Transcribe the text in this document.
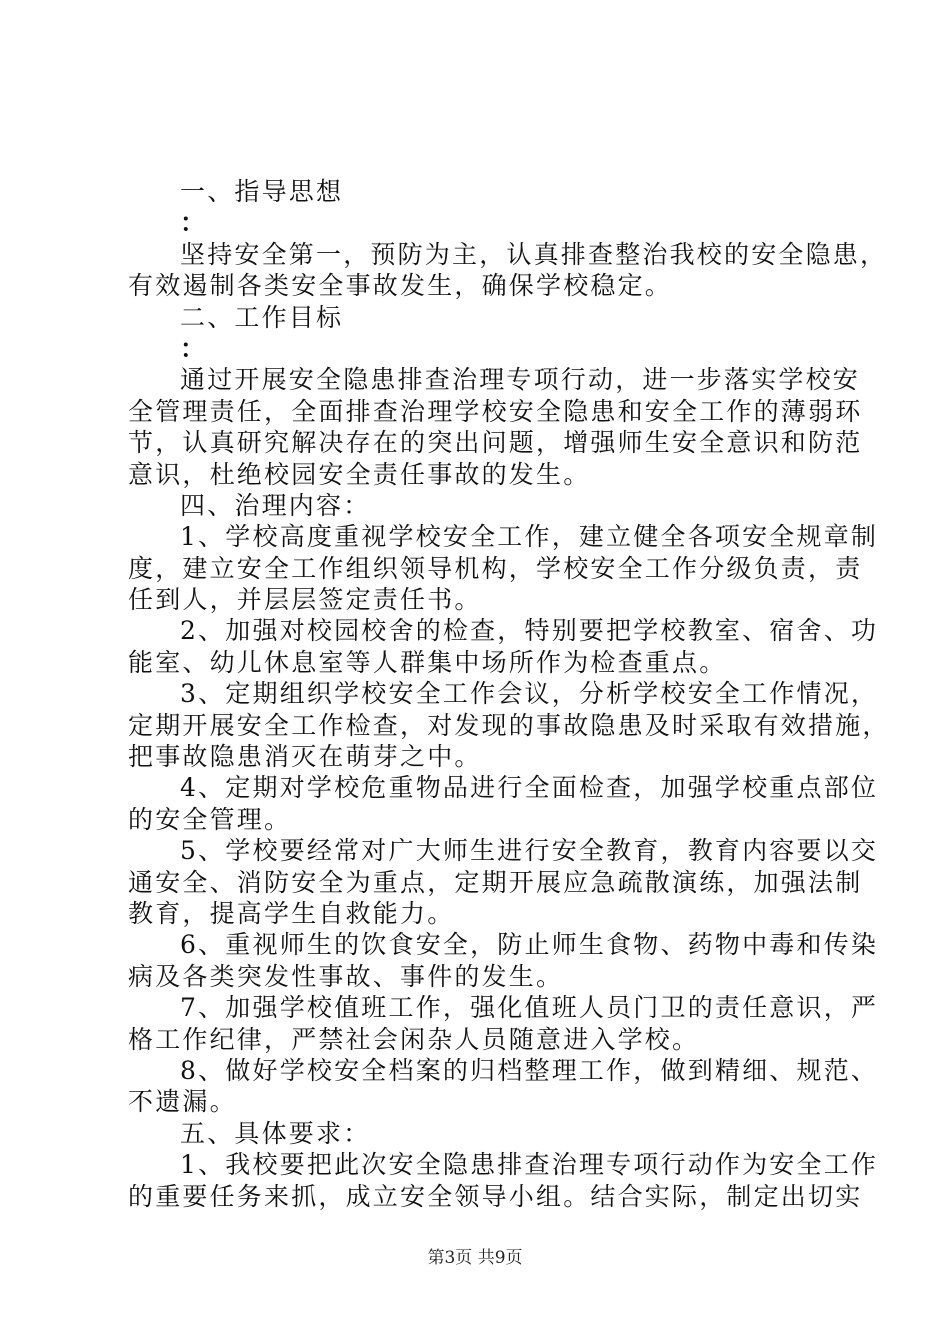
一、指导思想
：
坚持安全第一，预防为主，认真排查整治我校的安全隐患，
有效遏制各类安全事故发生，确保学校稳定。
二、工作目标
：
通过开展安全隐患排查治理专项行动，进一步落实学校安
全管理责任，全面排查治理学校安全隐患和安全工作的薄弱环
节，认真研究解决存在的突出问题，增强师生安全意识和防范
意识，杜绝校园安全责任事故的发生。
四、治理内容：
1、学校高度重视学校安全工作，建立健全各项安全规章制
度，建立安全工作组织领导机构，学校安全工作分级负责，责
任到人，并层层签定责任书。
2、加强对校园校舍的检查，特别要把学校教室、宿舍、功
能室、幼儿休息室等人群集中场所作为检查重点。
3、定期组织学校安全工作会议，分析学校安全工作情况，
定期开展安全工作检查，对发现的事故隐患及时采取有效措施，
把事故隐患消灭在萌芽之中。
4、定期对学校危重物品进行全面检查，加强学校重点部位
的安全管理。
5、学校要经常对广大师生进行安全教育，教育内容要以交
通安全、消防安全为重点，定期开展应急疏散演练，加强法制
教育，提高学生自救能力。
6、重视师生的饮食安全，防止师生食物、药物中毒和传染
病及各类突发性事故、事件的发生。
7、加强学校值班工作，强化值班人员门卫的责任意识，严
格工作纪律，严禁社会闲杂人员随意进入学校。
8、做好学校安全档案的归档整理工作，做到精细、规范、
不遗漏。
五、具体要求：
1、我校要把此次安全隐患排查治理专项行动作为安全工作
的重要任务来抓，成立安全领导小组。结合实际，制定出切实
第3页 共9页
